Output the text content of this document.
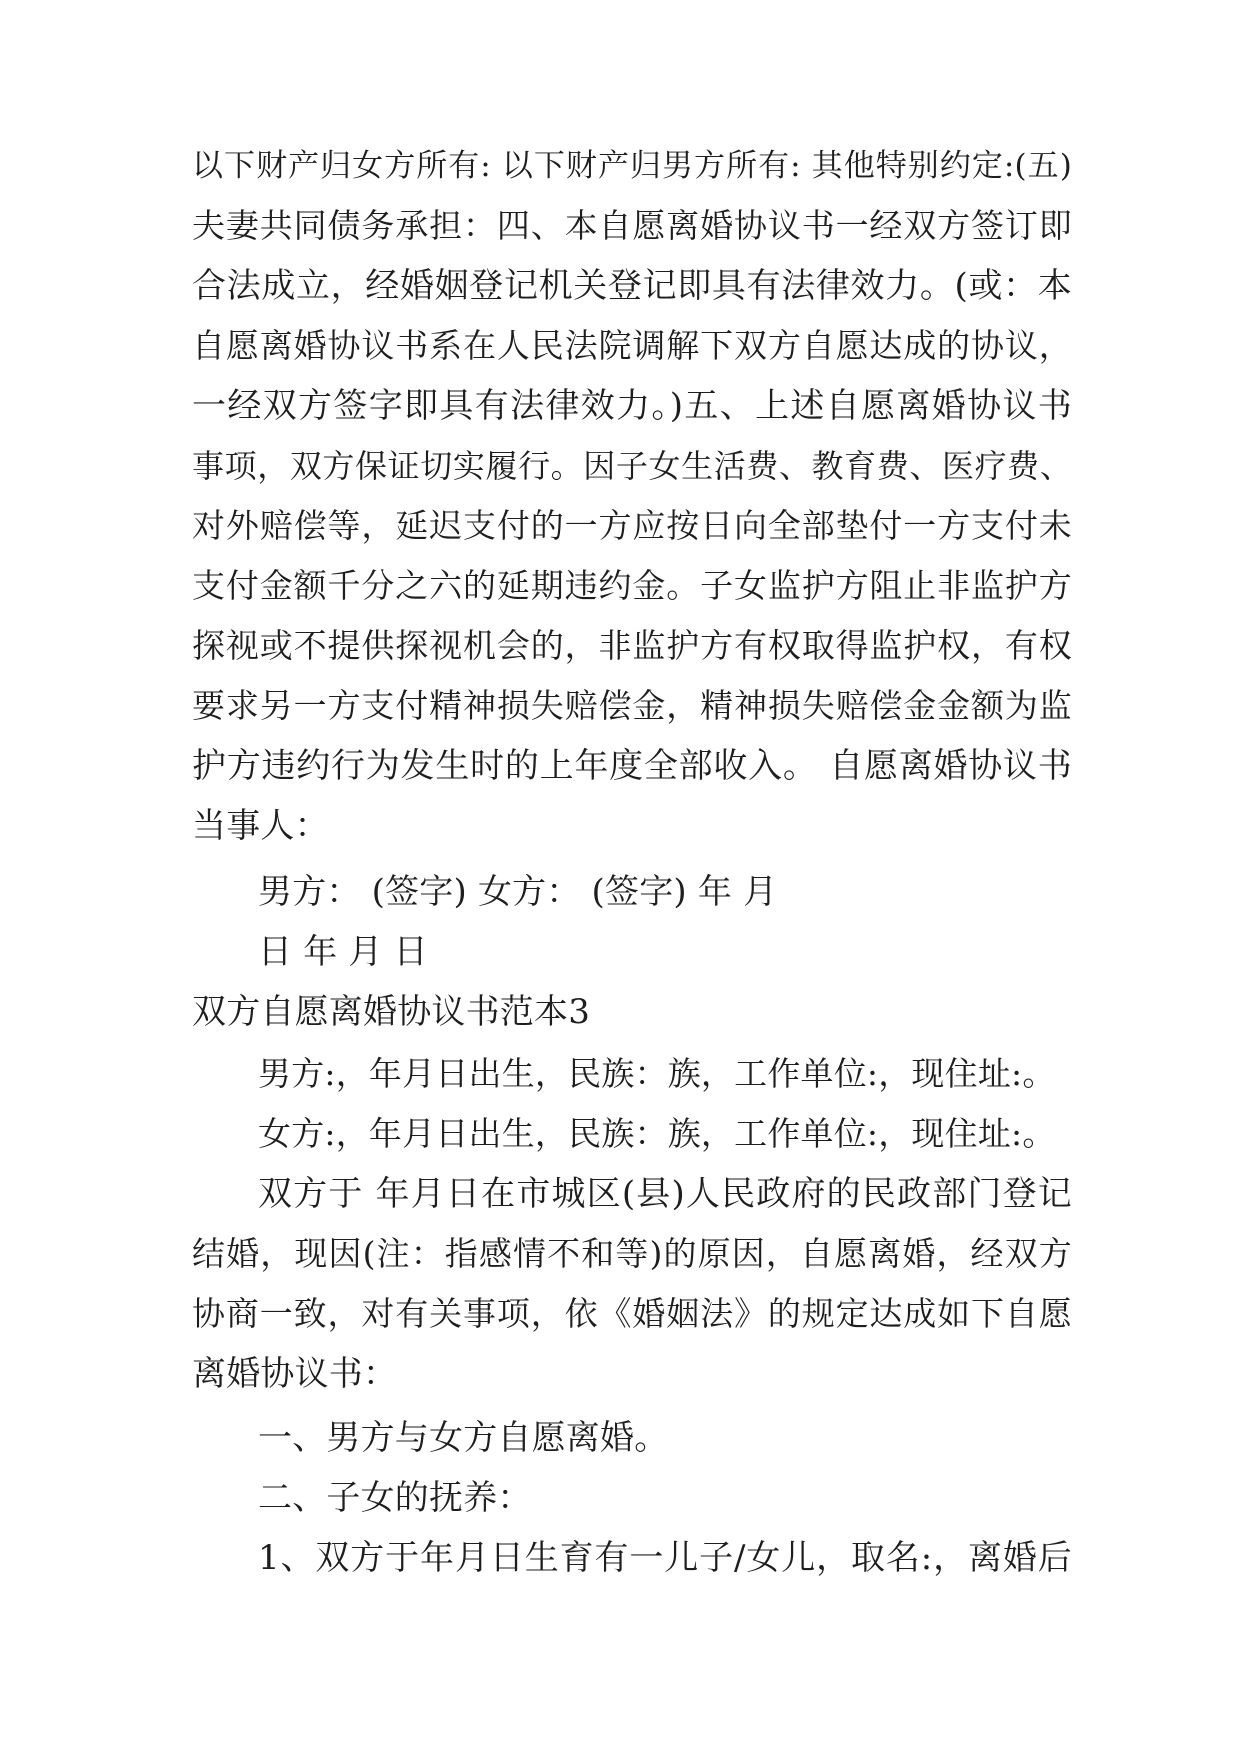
以下财产归女方所有: 以下财产归男方所有: 其他特别约定:(五)
夫妻共同债务承担：四、本自愿离婚协议书一经双方签订即
合法成立，经婚姻登记机关登记即具有法律效力。(或：本
自愿离婚协议书系在人民法院调解下双方自愿达成的协议，
一经双方签字即具有法律效力。)五、上述自愿离婚协议书
事项，双方保证切实履行。因子女生活费、教育费、医疗费、
对外赔偿等，延迟支付的一方应按日向全部垫付一方支付未
支付金额千分之六的延期违约金。子女监护方阻止非监护方
探视或不提供探视机会的，非监护方有权取得监护权，有权
要求另一方支付精神损失赔偿金，精神损失赔偿金金额为监
护方违约行为发生时的上年度全部收入。 自愿离婚协议书
当事人：
男方： (签字) 女方： (签字) 年 月
日 年 月 日
双方自愿离婚协议书范本3
男方:，年月日出生，民族：族，工作单位:，现住址:。
女方:，年月日出生，民族：族，工作单位:，现住址:。
双方于 年月日在市城区(县)人民政府的民政部门登记
结婚，现因(注：指感情不和等)的原因，自愿离婚，经双方
协商一致，对有关事项，依《婚姻法》的规定达成如下自愿
离婚协议书：
一、男方与女方自愿离婚。
二、子女的抚养：
1、双方于年月日生育有一儿子/女儿，取名:，离婚后
